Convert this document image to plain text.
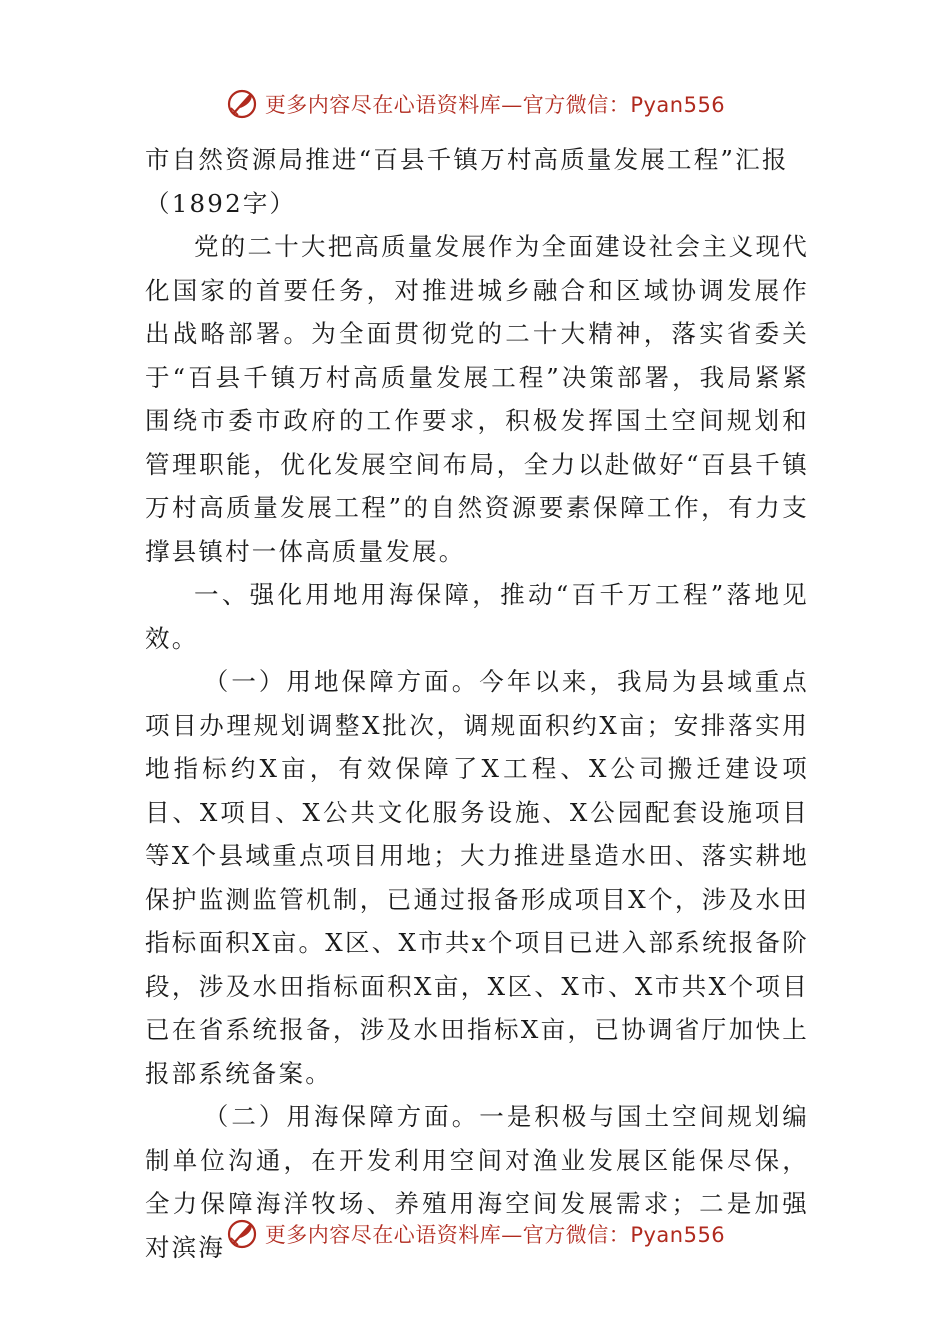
更多内容尽在心语资料库—官方微信：Pyan556

市自然资源局推进“百县千镇万村高质量发展工程”汇报
（1892字）

党的二十大把高质量发展作为全面建设社会主义现代化国家的首要任务，对推进城乡融合和区域协调发展作出战略部署。为全面贯彻党的二十大精神，落实省委关于“百县千镇万村高质量发展工程”决策部署，我局紧紧围绕市委市政府的工作要求，积极发挥国土空间规划和管理职能，优化发展空间布局，全力以赴做好“百县千镇万村高质量发展工程”的自然资源要素保障工作，有力支撑县镇村一体高质量发展。

一、强化用地用海保障，推动“百千万工程”落地见效。

（一）用地保障方面。今年以来，我局为县域重点项目办理规划调整X批次，调规面积约X亩；安排落实用地指标约X亩，有效保障了X工程、X公司搬迁建设项目、X项目、X公共文化服务设施、X公园配套设施项目等X个县域重点项目用地；大力推进垦造水田、落实耕地保护监测监管机制，已通过报备形成项目X个，涉及水田指标面积X亩。X区、X市共x个项目已进入部系统报备阶段，涉及水田指标面积X亩，X区、X市、X市共X个项目已在省系统报备，涉及水田指标X亩，已协调省厅加快上报部系统备案。

（二）用海保障方面。一是积极与国土空间规划编制单位沟通，在开发利用空间对渔业发展区能保尽保，全力保障海洋牧场、养殖用海空间发展需求；二是加强对滨海	更多内容尽在心语资料库—官方微信：Pyan556
